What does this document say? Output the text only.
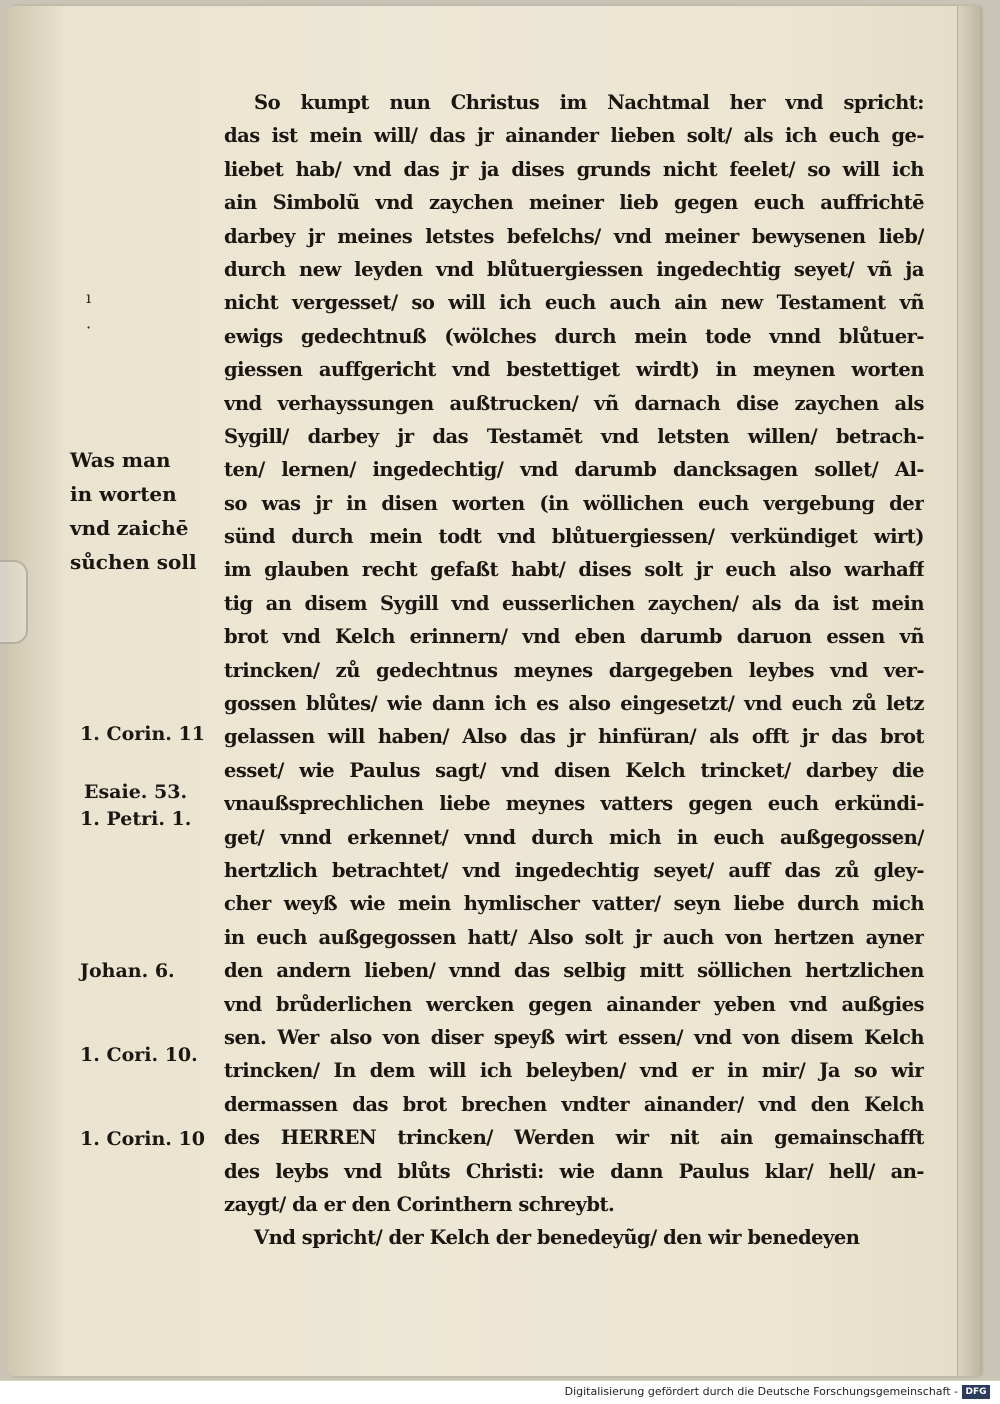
Was man
in worten
vnd zaichē
sůchen soll
1. Corin. 11
Esaie. 53.
1. Petri. 1.
Johan. 6.
1. Cori. 10.
1. Corin. 10
ı
·
So kumpt nun Christus im Nachtmal her vnd spricht:
das ist mein will/ das jr ainander lieben solt/ als ich euch ge-
liebet hab/ vnd das jr ja dises grunds nicht feelet/ so will ich
ain Simbolũ vnd zaychen meiner lieb gegen euch auffrichtē
darbey jr meines letstes befelchs/ vnd meiner bewysenen lieb/
durch new leyden vnd blůtuergiessen ingedechtig seyet/ vñ ja
nicht vergesset/ so will ich euch auch ain new Testament vñ
ewigs gedechtnuß (wölches durch mein tode vnnd blůtuer-
giessen auffgericht vnd bestettiget wirdt) in meynen worten
vnd verhayssungen außtrucken/ vñ darnach dise zaychen als
Sygill/ darbey jr das Testamēt vnd letsten willen/ betrach-
ten/ lernen/ ingedechtig/ vnd darumb dancksagen sollet/ Al-
so was jr in disen worten (in wöllichen euch vergebung der
sünd durch mein todt vnd blůtuergiessen/ verkündiget wirt)
im glauben recht gefaßt habt/ dises solt jr euch also warhaff
tig an disem Sygill vnd eusserlichen zaychen/ als da ist mein
brot vnd Kelch erinnern/ vnd eben darumb daruon essen vñ
trincken/ zů gedechtnus meynes dargegeben leybes vnd ver-
gossen blůtes/ wie dann ich es also eingesetzt/ vnd euch zů letz
gelassen will haben/ Also das jr hinfüran/ als offt jr das brot
esset/ wie Paulus sagt/ vnd disen Kelch trincket/ darbey die
vnaußsprechlichen liebe meynes vatters gegen euch erkündi-
get/ vnnd erkennet/ vnnd durch mich in euch außgegossen/
hertzlich betrachtet/ vnd ingedechtig seyet/ auff das zů gley-
cher weyß wie mein hymlischer vatter/ seyn liebe durch mich
in euch außgegossen hatt/ Also solt jr auch von hertzen ayner
den andern lieben/ vnnd das selbig mitt söllichen hertzlichen
vnd brůderlichen wercken gegen ainander yeben vnd außgies
sen. Wer also von diser speyß wirt essen/ vnd von disem Kelch
trincken/ In dem will ich beleyben/ vnd er in mir/ Ja so wir
dermassen das brot brechen vndter ainander/ vnd den Kelch
des HERREN trincken/ Werden wir nit ain gemainschafft
des leybs vnd blůts Christi: wie dann Paulus klar/ hell/ an-
zaygt/ da er den Corinthern schreybt.
Vnd spricht/ der Kelch der benedeyũg/ den wir benedeyen
Digitalisierung gefördert durch die Deutsche Forschungsgemeinschaft - DFG
